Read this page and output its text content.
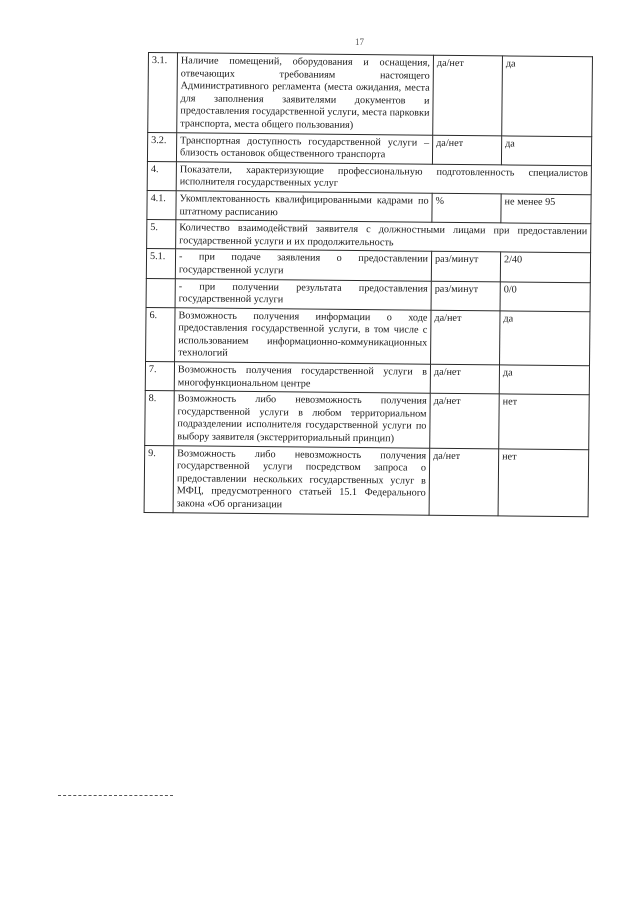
17
3.1.	Наличие помещений, оборудования и оснащения, отвечающих требованиям настоящего Административного регламента (места ожидания, места для заполнения заявителями документов и предоставления государственной услуги, места парковки транспорта, места общего пользования)	да/нет	да
3.2.	Транспортная доступность государственной услуги – близость остановок общественного транспорта	да/нет	да
4.	Показатели, характеризующие профессиональную подготовленность специалистов исполнителя государственных услуг		
4.1.	Укомплектованность квалифицированными кадрами по штатному расписанию	%	не менее 95
5.	Количество взаимодействий заявителя с должностными лицами при предоставлении государственной услуги и их продолжительность		
5.1.	- при подаче заявления о предоставлении государственной услуги	раз/минут	2/40
	- при получении результата предоставления государственной услуги	раз/минут	0/0
6.	Возможность получения информации о ходе предоставления государственной услуги, в том числе с использованием информационно-коммуникационных технологий	да/нет	да
7.	Возможность получения государственной услуги в многофункциональном центре	да/нет	да
8.	Возможность либо невозможность получения государственной услуги в любом территориальном подразделении исполнителя государственной услуги по выбору заявителя (экстерриториальный принцип)	да/нет	нет
9.	Возможность либо невозможность получения государственной услуги посредством запроса о предоставлении нескольких государственных услуг в МФЦ, предусмотренного статьей 15.1 Федерального закона «Об организации	да/нет	нет
